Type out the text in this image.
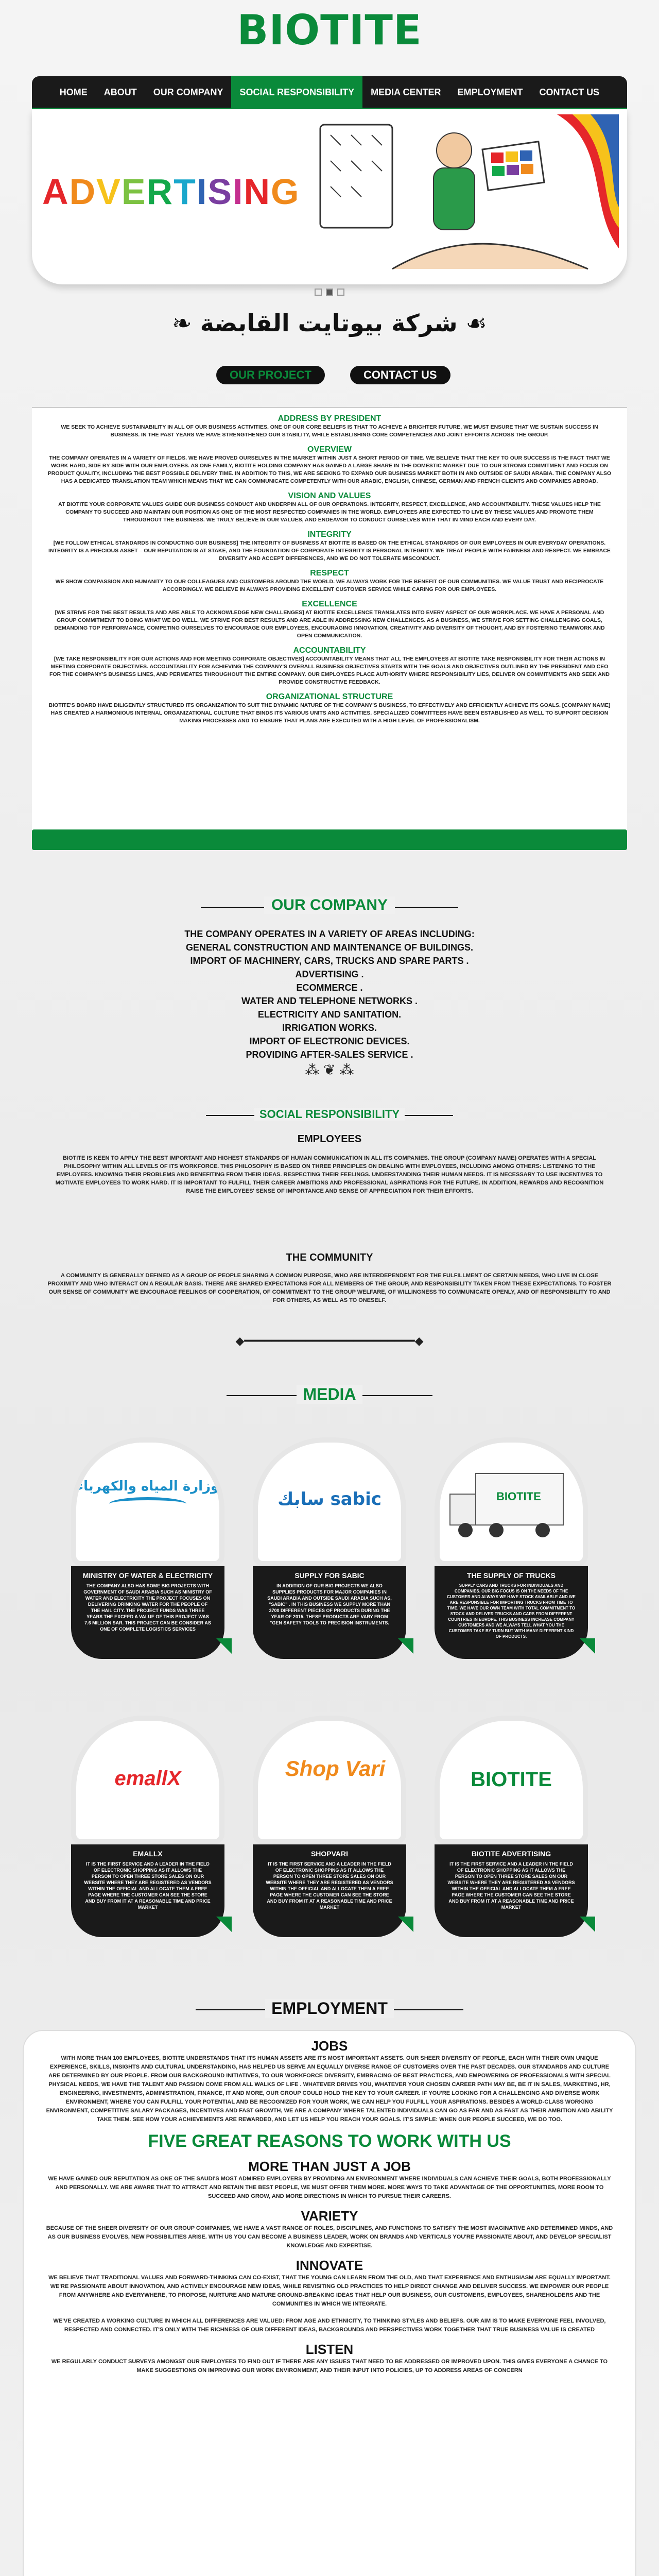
BIOTITE
HOME	ABOUT	OUR COMPANY	SOCIAL RESPONSIBILITY	MEDIA CENTER	EMPLOYMENT	CONTACT US
ADVERTISING
❧ شركة بيوتايت القابضة ☙
OUR PROJECT	CONTACT US
ADDRESS BY PRESIDENT

WE SEEK TO ACHIEVE SUSTAINABILITY IN ALL OF OUR BUSINESS ACTIVITIES. ONE OF OUR CORE BELIEFS IS THAT TO ACHIEVE A BRIGHTER FUTURE, WE MUST ENSURE THAT WE SUSTAIN SUCCESS IN BUSINESS. IN THE PAST YEARS WE HAVE STRENGTHENED OUR STABILITY, WHILE ESTABLISHING CORE COMPETENCIES AND JOINT EFFORTS ACROSS THE GROUP.

OVERVIEW

THE COMPANY OPERATES IN A VARIETY OF FIELDS. WE HAVE PROVED OURSELVES IN THE MARKET WITHIN JUST A SHORT PERIOD OF TIME. WE BELIEVE THAT THE KEY TO OUR SUCCESS IS THE FACT THAT WE WORK HARD, SIDE BY SIDE WITH OUR EMPLOYEES. AS ONE FAMILY, BIOTITE HOLDING COMPANY HAS GAINED A LARGE SHARE IN THE DOMESTIC MARKET DUE TO OUR STRONG COMMITMENT AND FOCUS ON PRODUCT QUALITY, INCLUDING THE BEST POSSIBLE DELIVERY TIME. IN ADDITION TO THIS, WE ARE SEEKING TO EXPAND OUR BUSINESS MARKET BOTH IN AND OUTSIDE OF SAUDI ARABIA. THE COMPANY ALSO HAS A DEDICATED TRANSLATION TEAM WHICH MEANS THAT WE CAN COMMUNICATE COMPETENTLY WITH OUR ARABIC, ENGLISH, CHINESE, GERMAN AND FRENCH CLIENTS AND COMPANIES ABROAD.

VISION AND VALUES

AT BIOTITE YOUR CORPORATE VALUES GUIDE OUR BUSINESS CONDUCT AND UNDERPIN ALL OF OUR OPERATIONS. INTEGRITY, RESPECT, EXCELLENCE, AND ACCOUNTABILITY. THESE VALUES HELP THE COMPANY TO SUCCEED AND MAINTAIN OUR POSITION AS ONE OF THE MOST RESPECTED COMPANIES IN THE WORLD. EMPLOYEES ARE EXPECTED TO LIVE BY THESE VALUES AND PROMOTE THEM THROUGHOUT THE BUSINESS. WE TRULY BELIEVE IN OUR VALUES, AND ENDEAVOR TO CONDUCT OURSELVES WITH THAT IN MIND EACH AND EVERY DAY.

INTEGRITY

[WE FOLLOW ETHICAL STANDARDS IN CONDUCTING OUR BUSINESS] THE INTEGRITY OF BUSINESS AT BIOTITE IS BASED ON THE ETHICAL STANDARDS OF OUR EMPLOYEES IN OUR EVERYDAY OPERATIONS. INTEGRITY IS A PRECIOUS ASSET – OUR REPUTATION IS AT STAKE, AND THE FOUNDATION OF CORPORATE INTEGRITY IS PERSONAL INTEGRITY. WE TREAT PEOPLE WITH FAIRNESS AND RESPECT. WE EMBRACE DIVERSITY AND ACCEPT DIFFERENCES, AND WE DO NOT TOLERATE MISCONDUCT.

RESPECT

WE SHOW COMPASSION AND HUMANITY TO OUR COLLEAGUES AND CUSTOMERS AROUND THE WORLD. WE ALWAYS WORK FOR THE BENEFIT OF OUR COMMUNITIES. WE VALUE TRUST AND RECIPROCATE ACCORDINGLY. WE BELIEVE IN ALWAYS PROVIDING EXCELLENT CUSTOMER SERVICE WHILE CARING FOR OUR EMPLOYEES.

EXCELLENCE

[WE STRIVE FOR THE BEST RESULTS AND ARE ABLE TO ACKNOWLEDGE NEW CHALLENGES] AT BIOTITE EXCELLENCE TRANSLATES INTO EVERY ASPECT OF OUR WORKPLACE. WE HAVE A PERSONAL AND GROUP COMMITMENT TO DOING WHAT WE DO WELL. WE STRIVE FOR BEST RESULTS AND ARE ABLE IN ADDRESSING NEW CHALLENGES. AS A BUSINESS, WE STRIVE FOR SETTING CHALLENGING GOALS, DEMANDING TOP PERFORMANCE, COMPETING OURSELVES TO ENCOURAGE OUR EMPLOYEES, ENCOURAGING INNOVATION, CREATIVITY AND DIVERSITY OF THOUGHT, AND BY FOSTERING TEAMWORK AND OPEN COMMUNICATION.

ACCOUNTABILITY

[WE TAKE RESPONSIBILITY FOR OUR ACTIONS AND FOR MEETING CORPORATE OBJECTIVES] ACCOUNTABILITY MEANS THAT ALL THE EMPLOYEES AT BIOTITE TAKE RESPONSIBILITY FOR THEIR ACTIONS IN MEETING CORPORATE OBJECTIVES. ACCOUNTABILITY FOR ACHIEVING THE COMPANY'S OVERALL BUSINESS OBJECTIVES STARTS WITH THE GOALS AND OBJECTIVES OUTLINED BY THE PRESIDENT AND CEO FOR THE COMPANY'S BUSINESS LINES, AND PERMEATES THROUGHOUT THE ENTIRE COMPANY. OUR EMPLOYEES PLACE AUTHORITY WHERE RESPONSIBILITY LIES, DELIVER ON COMMITMENTS AND SEEK AND PROVIDE CONSTRUCTIVE FEEDBACK.

ORGANIZATIONAL STRUCTURE

BIOTITE'S BOARD HAVE DILIGENTLY STRUCTURED ITS ORGANIZATION TO SUIT THE DYNAMIC NATURE OF THE COMPANY'S BUSINESS, TO EFFECTIVELY AND EFFICIENTLY ACHIEVE ITS GOALS. [COMPANY NAME] HAS CREATED A HARMONIOUS INTERNAL ORGANIZATIONAL CULTURE THAT BINDS ITS VARIOUS UNITS AND ACTIVITIES. SPECIALIZED COMMITTEES HAVE BEEN ESTABLISHED AS WELL TO SUPPORT DECISION MAKING PROCESSES AND TO ENSURE THAT PLANS ARE EXECUTED WITH A HIGH LEVEL OF PROFESSIONALISM.

OUR COMPANY
THE COMPANY OPERATES IN A VARIETY OF AREAS INCLUDING:
GENERAL CONSTRUCTION AND MAINTENANCE OF BUILDINGS.
IMPORT OF MACHINERY, CARS, TRUCKS AND SPARE PARTS .
ADVERTISING .
ECOMMERCE .
WATER AND TELEPHONE NETWORKS .
ELECTRICITY AND SANITATION.
IRRIGATION WORKS.
IMPORT OF ELECTRONIC DEVICES.
PROVIDING AFTER-SALES SERVICE .
⁂ ❦ ⁂
SOCIAL RESPONSIBILITY
EMPLOYEES
BIOTITE IS KEEN TO APPLY THE BEST IMPORTANT AND HIGHEST STANDARDS OF HUMAN COMMUNICATION IN ALL ITS COMPANIES. THE GROUP (COMPANY NAME) OPERATES WITH A SPECIAL PHILOSOPHY WITHIN ALL LEVELS OF ITS WORKFORCE. THIS PHILOSOPHY IS BASED ON THREE PRINCIPLES ON DEALING WITH EMPLOYEES, INCLUDING AMONG OTHERS: LISTENING TO THE EMPLOYEES. KNOWING THEIR PROBLEMS AND BENEFITING FROM THEIR IDEAS. RESPECTING THEIR FEELINGS. UNDERSTANDING THEIR HUMAN NEEDS. IT IS NECESSARY TO USE INCENTIVES TO MOTIVATE EMPLOYEES TO WORK HARD. IT IS IMPORTANT TO FULFILL THEIR CAREER AMBITIONS AND PROFESSIONAL ASPIRATIONS FOR THE FUTURE. IN ADDITION, REWARDS AND RECOGNITION RAISE THE EMPLOYEES' SENSE OF IMPORTANCE AND SENSE OF APPRECIATION FOR THEIR EFFORTS.
THE COMMUNITY
A COMMUNITY IS GENERALLY DEFINED AS A GROUP OF PEOPLE SHARING A COMMON PURPOSE, WHO ARE INTERDEPENDENT FOR THE FULFILLMENT OF CERTAIN NEEDS, WHO LIVE IN CLOSE PROXIMITY AND WHO INTERACT ON A REGULAR BASIS. THERE ARE SHARED EXPECTATIONS FOR ALL MEMBERS OF THE GROUP, AND RESPONSIBILITY TAKEN FROM THESE EXPECTATIONS. TO FOSTER OUR SENSE OF COMMUNITY WE ENCOURAGE FEELINGS OF COOPERATION, OF COMMITMENT TO THE GROUP WELFARE, OF WILLINGNESS TO COMMUNICATE OPENLY, AND OF RESPONSIBILITY TO AND FOR OTHERS, AS WELL AS TO ONESELF.
◆━━━━━━━━━━━━━━━━━━━━━━━━━◆
MEDIA
وزارة المياه والكهرباء
MINISTRY OF WATER & ELECTRICITY

THE COMPANY ALSO HAS SOME BIG PROJECTS WITH GOVERNMENT OF SAUDI ARABIA SUCH AS MINISTRY OF WATER AND ELECTRICITY THE PROJECT FOCUSES ON DELIVERING DRINKING WATER FOR THE PEOPLE OF THE HAIL CITY. THE PROJECT FUNDS WAS THREE YEARS THE EXCEED A VALUE OF THIS PROJECT WAS 7.6 MILLION SAR. THIS PROJECT CAN BE CONSIDER AS ONE OF COMPLETE LOGISTICS SERVICES

سابك sabic
SUPPLY FOR SABIC

IN ADDITION OF OUR BIG PROJECTS WE ALSO SUPPLIES PRODUCTS FOR MAJOR COMPANIES IN SAUDI ARABIA AND OUTSIDE SAUDI ARABIA SUCH AS, "SABIC" . IN THIS BUSINESS WE SUPPLY MORE THAN 3700 DIFFERENT PIECES OF PRODUCTS DURING THE YEAR OF 2015. THESE PRODUCTS ARE VARY FROM "GEN SAFETY TOOLS TO PRECISION INSTRUMENTS.

BIOTITE
THE SUPPLY OF TRUCKS

SUPPLY CARS AND TRUCKS FOR INDIVIDUALS AND COMPANIES. OUR BIG FOCUS IS ON THE NEEDS OF THE CUSTOMER AND ALWAYS WE HAVE STOCK AVAILABLE AND WE ARE RESPONSIBLE FOR IMPORTING TRUCKS FROM TIME TO TIME. WE HAVE OUR OWN TEAM WITH TOTAL COMMITMENT TO STOCK AND DELIVER TRUCKS AND CARS FROM DIFFERENT COUNTRIES IN EUROPE. THIS BUSINESS INCREASE COMPANY CUSTOMERS AND WE ALWAYS TELL WHAT YOU THE CUSTOMER TAKE BY TURN BUT WITH MANY DIFFERENT KIND OF PRODUCTS.

emallX
EMALLX

IT IS THE FIRST SERVICE AND A LEADER IN THE FIELD OF ELECTRONIC SHOPPING AS IT ALLOWS THE PERSON TO OPEN THREE STORE SALES ON OUR WEBSITE WHERE THEY ARE REGISTERED AS VENDORS WITHIN THE OFFICIAL AND ALLOCATE THEM A FREE PAGE WHERE THE CUSTOMER CAN SEE THE STORE AND BUY FROM IT AT A REASONABLE TIME AND PRICE MARKET

Shop Vari
SHOPVARI

IT IS THE FIRST SERVICE AND A LEADER IN THE FIELD OF ELECTRONIC SHOPPING AS IT ALLOWS THE PERSON TO OPEN THREE STORE SALES ON OUR WEBSITE WHERE THEY ARE REGISTERED AS VENDORS WITHIN THE OFFICIAL AND ALLOCATE THEM A FREE PAGE WHERE THE CUSTOMER CAN SEE THE STORE AND BUY FROM IT AT A REASONABLE TIME AND PRICE MARKET

BIOTITE
BIOTITE ADVERTISING

IT IS THE FIRST SERVICE AND A LEADER IN THE FIELD OF ELECTRONIC SHOPPING AS IT ALLOWS THE PERSON TO OPEN THREE STORE SALES ON OUR WEBSITE WHERE THEY ARE REGISTERED AS VENDORS WITHIN THE OFFICIAL AND ALLOCATE THEM A FREE PAGE WHERE THE CUSTOMER CAN SEE THE STORE AND BUY FROM IT AT A REASONABLE TIME AND PRICE MARKET

EMPLOYMENT
JOBS

WITH MORE THAN 100 EMPLOYEES, BIOTITE UNDERSTANDS THAT ITS HUMAN ASSETS ARE ITS MOST IMPORTANT ASSETS. OUR SHEER DIVERSITY OF PEOPLE, EACH WITH THEIR OWN UNIQUE EXPERIENCE, SKILLS, INSIGHTS AND CULTURAL UNDERSTANDING, HAS HELPED US SERVE AN EQUALLY DIVERSE RANGE OF CUSTOMERS OVER THE PAST DECADES. OUR STANDARDS AND CULTURE ARE DETERMINED BY OUR PEOPLE. FROM OUR BACKGROUND INITIATIVES, TO OUR WORKFORCE DIVERSITY, EMBRACING OF BEST PRACTICES, AND EMPOWERING OF PROFESSIONALS WITH SPECIAL PHYSICAL NEEDS, WE HAVE THE TALENT AND PASSION COME FROM ALL WALKS OF LIFE . WHATEVER DRIVES YOU, WHATEVER YOUR CHOSEN CAREER PATH MAY BE, BE IT IN SALES, MARKETING, HR, ENGINEERING, INVESTMENTS, ADMINISTRATION, FINANCE, IT AND MORE, OUR GROUP COULD HOLD THE KEY TO YOUR CAREER. IF YOU'RE LOOKING FOR A CHALLENGING AND DIVERSE WORK ENVIRONMENT, WHERE YOU CAN FULFILL YOUR POTENTIAL AND BE RECOGNIZED FOR YOUR WORK, WE CAN HELP YOU FULFILL YOUR ASPIRATIONS. BESIDES A WORLD-CLASS WORKING ENVIRONMENT, COMPETITIVE SALARY PACKAGES, INCENTIVES AND FAST GROWTH, WE ARE A COMPANY WHERE TALENTED INDIVIDUALS CAN GO AS FAR AND AS FAST AS THEIR AMBITION AND ABILITY TAKE THEM. SEE HOW YOUR ACHIEVEMENTS ARE REWARDED, AND LET US HELP YOU REACH YOUR GOALS. IT'S SIMPLE: WHEN OUR PEOPLE SUCCEED, WE DO TOO.

FIVE GREAT REASONS TO WORK WITH US
MORE THAN JUST A JOB

WE HAVE GAINED OUR REPUTATION AS ONE OF THE SAUDI'S MOST ADMIRED EMPLOYERS BY PROVIDING AN ENVIRONMENT WHERE INDIVIDUALS CAN ACHIEVE THEIR GOALS, BOTH PROFESSIONALLY AND PERSONALLY. WE ARE AWARE THAT TO ATTRACT AND RETAIN THE BEST PEOPLE, WE MUST OFFER THEM MORE. MORE WAYS TO TAKE ADVANTAGE OF THE OPPORTUNITIES, MORE ROOM TO SUCCEED AND GROW, AND MORE DIRECTIONS IN WHICH TO PURSUE THEIR CAREERS.

VARIETY

BECAUSE OF THE SHEER DIVERSITY OF OUR GROUP COMPANIES, WE HAVE A VAST RANGE OF ROLES, DISCIPLINES, AND FUNCTIONS TO SATISFY THE MOST IMAGINATIVE AND DETERMINED MINDS, AND AS OUR BUSINESS EVOLVES, NEW POSSIBILITIES ARISE. WITH US YOU CAN BECOME A BUSINESS LEADER, WORK ON BRANDS AND VERTICALS YOU'RE PASSIONATE ABOUT, AND DEVELOP SPECIALIST KNOWLEDGE AND EXPERTISE.

INNOVATE

WE BELIEVE THAT TRADITIONAL VALUES AND FORWARD-THINKING CAN CO-EXIST, THAT THE YOUNG CAN LEARN FROM THE OLD, AND THAT EXPERIENCE AND ENTHUSIASM ARE EQUALLY IMPORTANT. WE'RE PASSIONATE ABOUT INNOVATION, AND ACTIVELY ENCOURAGE NEW IDEAS, WHILE REVISITING OLD PRACTICES TO HELP DIRECT CHANGE AND DELIVER SUCCESS. WE EMPOWER OUR PEOPLE FROM ANYWHERE AND EVERYWHERE, TO PROPOSE, NURTURE AND MATURE GROUND-BREAKING IDEAS THAT HELP OUR BUSINESS, OUR CUSTOMERS, EMPLOYEES, SHAREHOLDERS AND THE COMMUNITIES IN WHICH WE INTEGRATE.

WE'VE CREATED A WORKING CULTURE IN WHICH ALL DIFFERENCES ARE VALUED: FROM AGE AND ETHNICITY, TO THINKING STYLES AND BELIEFS. OUR AIM IS TO MAKE EVERYONE FEEL INVOLVED, RESPECTED AND CONNECTED. IT'S ONLY WITH THE RICHNESS OF OUR DIFFERENT IDEAS, BACKGROUNDS AND PERSPECTIVES WORK TOGETHER THAT TRUE BUSINESS VALUE IS CREATED

LISTEN

WE REGULARLY CONDUCT SURVEYS AMONGST OUR EMPLOYEES TO FIND OUT IF THERE ARE ANY ISSUES THAT NEED TO BE ADDRESSED OR IMPROVED UPON. THIS GIVES EVERYONE A CHANCE TO MAKE SUGGESTIONS ON IMPROVING OUR WORK ENVIRONMENT, AND THEIR INPUT INTO POLICIES, UP TO ADDRESS AREAS OF CONCERN
